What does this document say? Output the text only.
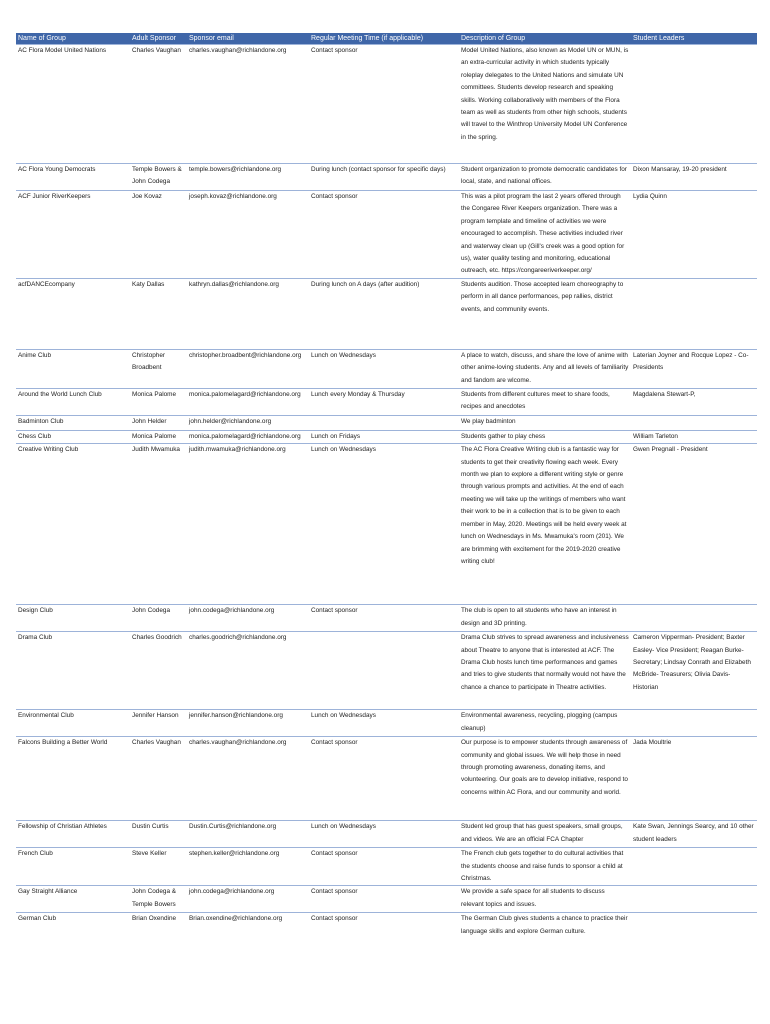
Name of Group	Adult Sponsor	Sponsor email	Regular Meeting Time (if applicable)	Description of Group	Student Leaders
AC Flora Model United Nations	Charles Vaughan	charles.vaughan@richlandone.org	Contact sponsor	Model United Nations, also known as Model UN or MUN, is an extra-curricular activity in which students typically roleplay delegates to the United Nations and simulate UN committees. Students develop research and speaking skills. Working collaboratively with members of the Flora team as well as students from other high schools, students will travel to the Winthrop University Model UN Conference in the spring.	
AC Flora Young Democrats	Temple Bowers & John Codega	temple.bowers@richlandone.org	During lunch (contact sponsor for specific days)	Student organization to promote democratic candidates for local, state, and national offices.	Dixon Mansaray, 19-20 president
ACF Junior RiverKeepers	Joe Kovaz	joseph.kovaz@richlandone.org	Contact sponsor	This was a pilot program the last 2 years offered through the Congaree River Keepers organization. There was a program template and timeline of activities we were encouraged to accomplish. These activities included river and waterway clean up (Gill's creek was a good option for us), water quality testing and monitoring, educational outreach, etc. https://congareeriverkeeper.org/	Lydia Quinn
acfDANCEcompany	Katy Dallas	kathryn.dallas@richlandone.org	During lunch on A days (after audition)	Students audition. Those accepted learn choreography to perform in all dance performances, pep rallies, district events, and community events.	
Anime Club	Christopher Broadbent	christopher.broadbent@richlandone.org	Lunch on Wednesdays	A place to watch, discuss, and share the love of anime with other anime-loving students. Any and all levels of familiarity and fandom are wlcome.	Laterian Joyner and Rocque Lopez - Co-Presidents
Around the World Lunch Club	Monica Palome	monica.palomelagard@richlandone.org	Lunch every Monday & Thursday	Students from different cultures meet to share foods, recipes and anecdotes	Magdalena Stewart-P,
Badminton Club	John Helder	john.helder@richlandone.org		We play badminton	
Chess Club	Monica Palome	monica.palomelagard@richlandone.org	Lunch on Fridays	Students gather to play chess	William Tarleton
Creative Writing Club	Judith Mwamuka	judith.mwamuka@richlandone.org	Lunch on Wednesdays	The AC Flora Creative Writing club is a fantastic way for students to get their creativity flowing each week. Every month we plan to explore a different writing style or genre through various prompts and activities. At the end of each meeting we will take up the writings of members who want their work to be in a collection that is to be given to each member in May, 2020. Meetings will be held every week at lunch on Wednesdays in Ms. Mwamuka's room (201). We are brimming with excitement for the 2019-2020 creative writing club!	Gwen Pregnall - President
Design Club	John Codega	john.codega@richlandone.org	Contact sponsor	The club is open to all students who have an interest in design and 3D printing.	
Drama Club	Charles Goodrich	charles.goodrich@richlandone.org		Drama Club strives to spread awareness and inclusiveness about Theatre to anyone that is interested at ACF. The Drama Club hosts lunch time performances and games and tries to give students that normally would not have the chance a chance to participate in Theatre activities.	Cameron Vipperman- President; Baxter Easley- Vice President; Reagan Burke-Secretary; Lindsay Conrath and Elizabeth McBride- Treasurers; Olivia Davis- Historian
Environmental Club	Jennifer Hanson	jennifer.hanson@richlandone.org	Lunch on Wednesdays	Environmental awareness, recycling, plogging (campus cleanup)	
Falcons Building a Better World	Charles Vaughan	charles.vaughan@richlandone.org	Contact sponsor	Our purpose is to empower students through awareness of community and global issues. We will help those in need through promoting awareness, donating items, and volunteering. Our goals are to develop initiative, respond to concerns within AC Flora, and our community and world.	Jada Moultrie
Fellowship of Christian Athletes	Dustin Curtis	Dustin.Curtis@richlandone.org	Lunch on Wednesdays	Student led group that has guest speakers, small groups, and videos. We are an official FCA Chapter	Kate Swan, Jennings Searcy, and 10 other student leaders
French Club	Steve Keller	stephen.keller@richlandone.org	Contact sponsor	The French club gets together to do cultural activities that the students choose and raise funds to sponsor a child at Christmas.	
Gay Straight Alliance	John Codega & Temple Bowers	john.codega@richlandone.org	Contact sponsor	We provide a safe space for all students to discuss relevant topics and issues.	
German Club	Brian Oxendine	Brian.oxendine@richlandone.org	Contact sponsor	The German Club gives students a chance to practice their language skills and explore German culture.	
